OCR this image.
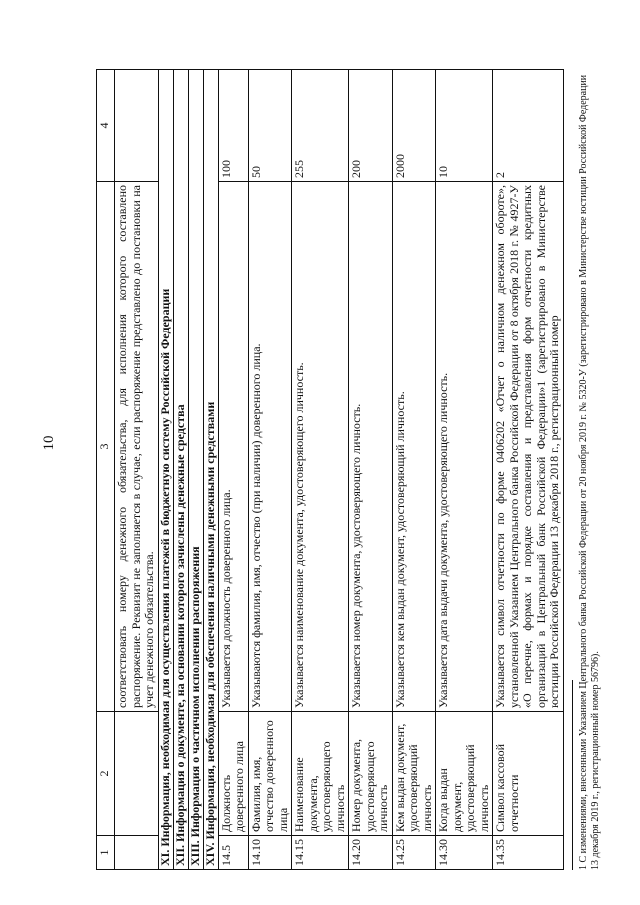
10
1	2	3	4
		соответствовать номеру денежного обязательства, для исполнения которого составлено распоряжение. Реквизит не заполняется в случае, если распоряжение представлено до постановки на учет денежного обязательства.	
XI. Информация, необходимая для осуществления платежей в бюджетную систему Российской Федерации			
XII. Информация о документе, на основании которого зачислены денежные средства			
XIII. Информация о частичном исполнении распоряжения			
XIV. Информация, необходимая для обеспечения наличными денежными средствами			
14.5	Должность доверенного лица	Указывается должность доверенного лица.	100
14.10	Фамилия, имя, отчество доверенного лица	Указываются фамилия, имя, отчество (при наличии) доверенного лица.	50
14.15	Наименование документа, удостоверяющего личность	Указывается наименование документа, удостоверяющего личность.	255
14.20	Номер документа, удостоверяющего личность	Указывается номер документа, удостоверяющего личность.	200
14.25	Кем выдан документ, удостоверяющий личность	Указывается кем выдан документ, удостоверяющий личность.	2000
14.30	Когда выдан документ, удостоверяющий личность	Указывается дата выдачи документа, удостоверяющего личность.	10
14.35	Символ кассовой отчетности	Указывается символ отчетности по форме 0406202 «Отчет о наличном денежном обороте», установленной Указанием Центрального банка Российской Федерации от 8 октября 2018 г. № 4927-У «О перечне, формах и порядке составления и представления форм отчетности кредитных организаций в Центральный банк Российской Федерации»1 (зарегистрировано в Министерстве юстиции Российской Федерации 13 декабря 2018 г., регистрационный номер	2	1 С изменениями, внесенными Указанием Центрального банка Российской Федерации от 20 ноября 2019 г. № 5320-У (зарегистрировано в Министерстве юстиции Российской Федерации 13 декабря 2019 г., регистрационный номер 56796).
